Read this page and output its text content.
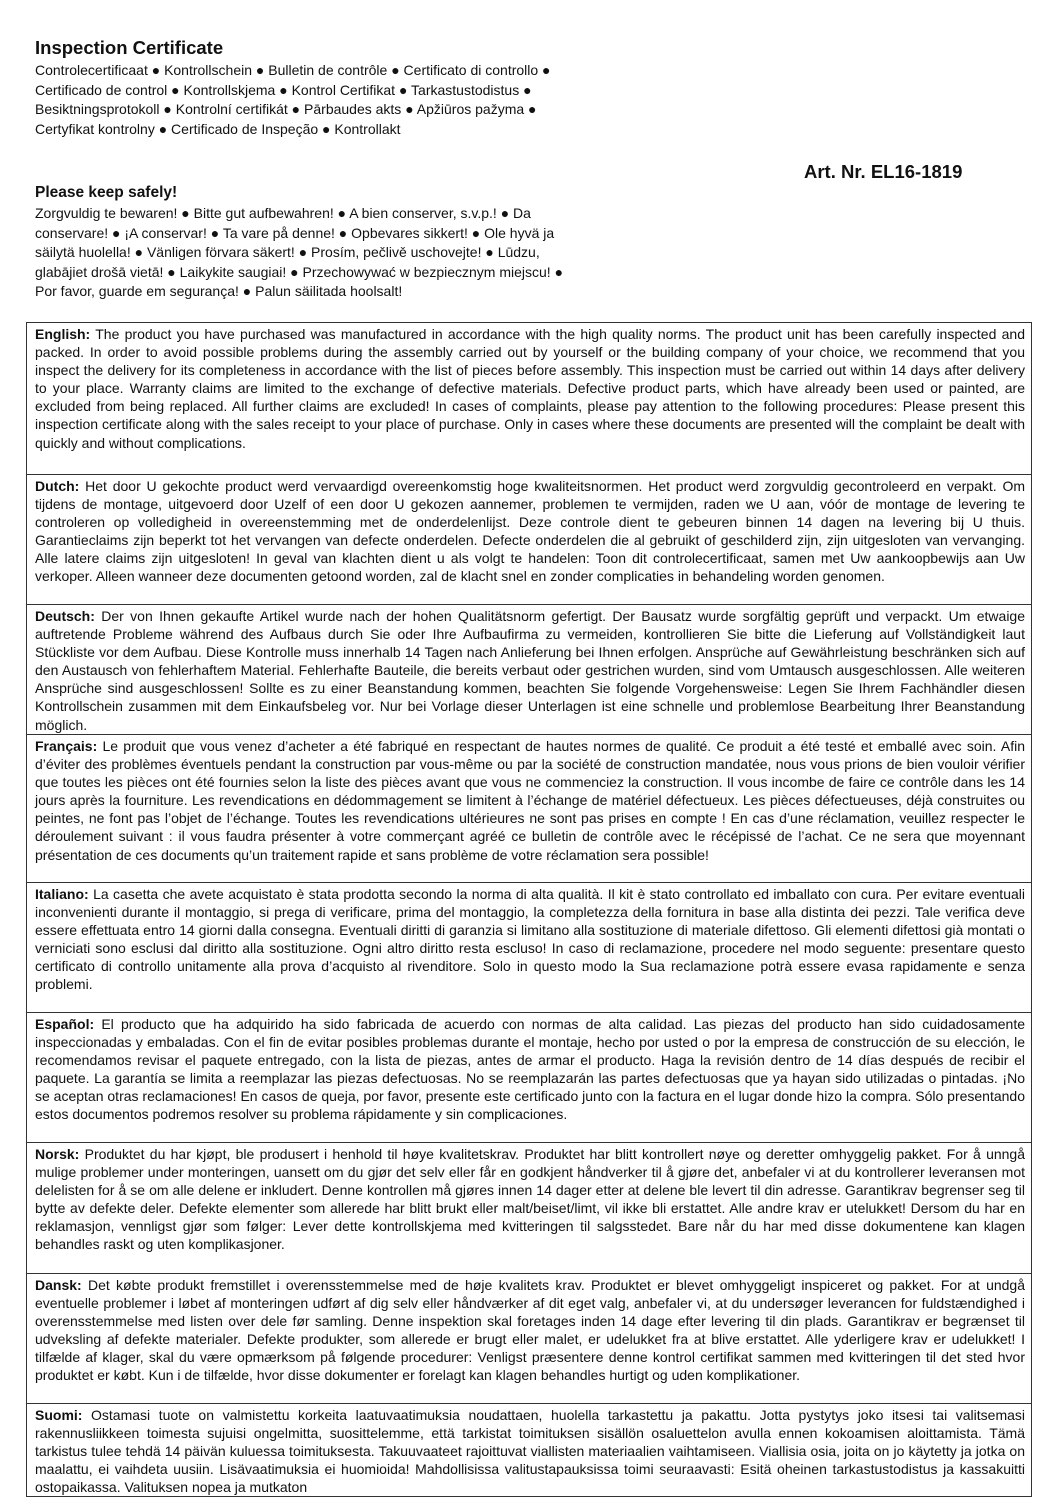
Inspection Certificate
Controlecertificaat ● Kontrollschein ● Bulletin de contrôle ● Certificato di controllo ● Certificado de control ● Kontrollskjema ● Kontrol Certifikat ● Tarkastustodistus ● Besiktningsprotokoll ● Kontrolní certifikát ● Pārbaudes akts ● Apžiūros pažyma ● Certyfikat kontrolny ● Certificado de Inspeção ● Kontrollakt
Art. Nr. EL16-1819
Please keep safely!
Zorgvuldig te bewaren! ● Bitte gut aufbewahren! ● A bien conserver, s.v.p.! ● Da conservare! ● ¡A conservar! ● Ta vare på denne! ● Opbevares sikkert! ● Ole hyvä ja säilytä huolella! ● Vänligen förvara säkert! ● Prosím, pečlivě uschovejte! ● Lūdzu, glabājiet drošā vietā! ● Laikykite saugiai! ● Przechowywać w bezpiecznym miejscu! ● Por favor, guarde em segurança! ● Palun säilitada hoolsalt!
English: The product you have purchased was manufactured in accordance with the high quality norms. The product unit has been carefully inspected and packed. In order to avoid possible problems during the assembly carried out by yourself or the building company of your choice, we recommend that you inspect the delivery for its completeness in accordance with the list of pieces before assembly. This inspection must be carried out within 14 days after delivery to your place. Warranty claims are limited to the exchange of defective materials. Defective product parts, which have already been used or painted, are excluded from being replaced. All further claims are excluded! In cases of complaints, please pay attention to the following procedures: Please present this inspection certificate along with the sales receipt to your place of purchase. Only in cases where these documents are presented will the complaint be dealt with quickly and without complications.
Dutch: Het door U gekochte product werd vervaardigd overeenkomstig hoge kwaliteitsnormen. Het product werd zorgvuldig gecontroleerd en verpakt. Om tijdens de montage, uitgevoerd door Uzelf of een door U gekozen aannemer, problemen te vermijden, raden we U aan, vóór de montage de levering te controleren op volledigheid in overeenstemming met de onderdelenlijst. Deze controle dient te gebeuren binnen 14 dagen na levering bij U thuis. Garantieclaims zijn beperkt tot het vervangen van defecte onderdelen. Defecte onderdelen die al gebruikt of geschilderd zijn, zijn uitgesloten van vervanging. Alle latere claims zijn uitgesloten! In geval van klachten dient u als volgt te handelen: Toon dit controlecertificaat, samen met Uw aankoopbewijs aan Uw verkoper. Alleen wanneer deze documenten getoond worden, zal de klacht snel en zonder complicaties in behandeling worden genomen.
Deutsch: Der von Ihnen gekaufte Artikel wurde nach der hohen Qualitätsnorm gefertigt. Der Bausatz wurde sorgfältig geprüft und verpackt. Um etwaige auftretende Probleme während des Aufbaus durch Sie oder Ihre Aufbaufirma zu vermeiden, kontrollieren Sie bitte die Lieferung auf Vollständigkeit laut Stückliste vor dem Aufbau. Diese Kontrolle muss innerhalb 14 Tagen nach Anlieferung bei Ihnen erfolgen. Ansprüche auf Gewährleistung beschränken sich auf den Austausch von fehlerhaftem Material. Fehlerhafte Bauteile, die bereits verbaut oder gestrichen wurden, sind vom Umtausch ausgeschlossen. Alle weiteren Ansprüche sind ausgeschlossen! Sollte es zu einer Beanstandung kommen, beachten Sie folgende Vorgehensweise: Legen Sie Ihrem Fachhändler diesen Kontrollschein zusammen mit dem Einkaufsbeleg vor. Nur bei Vorlage dieser Unterlagen ist eine schnelle und problemlose Bearbeitung Ihrer Beanstandung möglich.
Français: Le produit que vous venez d’acheter a été fabriqué en respectant de hautes normes de qualité. Ce produit a été testé et emballé avec soin. Afin d’éviter des problèmes éventuels pendant la construction par vous-même ou par la société de construction mandatée, nous vous prions de bien vouloir vérifier que toutes les pièces ont été fournies selon la liste des pièces avant que vous ne commenciez la construction. Il vous incombe de faire ce contrôle dans les 14 jours après la fourniture. Les revendications en dédommagement se limitent à l’échange de matériel défectueux. Les pièces défectueuses, déjà construites ou peintes, ne font pas l’objet de l’échange. Toutes les revendications ultérieures ne sont pas prises en compte ! En cas d’une réclamation, veuillez respecter le déroulement suivant : il vous faudra présenter à votre commerçant agréé ce bulletin de contrôle avec le récépissé de l’achat. Ce ne sera que moyennant présentation de ces documents qu’un traitement rapide et sans problème de votre réclamation sera possible!
Italiano: La casetta che avete acquistato è stata prodotta secondo la norma di alta qualità. Il kit è stato controllato ed imballato con cura. Per evitare eventuali inconvenienti durante il montaggio, si prega di verificare, prima del montaggio, la completezza della fornitura in base alla distinta dei pezzi. Tale verifica deve essere effettuata entro 14 giorni dalla consegna. Eventuali diritti di garanzia si limitano alla sostituzione di materiale difettoso. Gli elementi difettosi già montati o verniciati sono esclusi dal diritto alla sostituzione. Ogni altro diritto resta escluso! In caso di reclamazione, procedere nel modo seguente: presentare questo certificato di controllo unitamente alla prova d’acquisto al rivenditore. Solo in questo modo la Sua reclamazione potrà essere evasa rapidamente e senza problemi.
Español: El producto que ha adquirido ha sido fabricada de acuerdo con normas de alta calidad. Las piezas del producto han sido cuidadosamente inspeccionadas y embaladas. Con el fin de evitar posibles problemas durante el montaje, hecho por usted o por la empresa de construcción de su elección, le recomendamos revisar el paquete entregado, con la lista de piezas, antes de armar el producto. Haga la revisión dentro de 14 días después de recibir el paquete. La garantía se limita a reemplazar las piezas defectuosas. No se reemplazarán las partes defectuosas que ya hayan sido utilizadas o pintadas. ¡No se aceptan otras reclamaciones! En casos de queja, por favor, presente este certificado junto con la factura en el lugar donde hizo la compra. Sólo presentando estos documentos podremos resolver su problema rápidamente y sin complicaciones.
Norsk: Produktet du har kjøpt, ble produsert i henhold til høye kvalitetskrav. Produktet har blitt kontrollert nøye og deretter omhyggelig pakket. For å unngå mulige problemer under monteringen, uansett om du gjør det selv eller får en godkjent håndverker til å gjøre det, anbefaler vi at du kontrollerer leveransen mot delelisten for å se om alle delene er inkludert. Denne kontrollen må gjøres innen 14 dager etter at delene ble levert til din adresse. Garantikrav begrenser seg til bytte av defekte deler. Defekte elementer som allerede har blitt brukt eller malt/beiset/limt, vil ikke bli erstattet. Alle andre krav er utelukket! Dersom du har en reklamasjon, vennligst gjør som følger: Lever dette kontrollskjema med kvitteringen til salgsstedet. Bare når du har med disse dokumentene kan klagen behandles raskt og uten komplikasjoner.
Dansk: Det købte produkt fremstillet i overensstemmelse med de høje kvalitets krav. Produktet er blevet omhyggeligt inspiceret og pakket. For at undgå eventuelle problemer i løbet af monteringen udført af dig selv eller håndværker af dit eget valg, anbefaler vi, at du undersøger leverancen for fuldstændighed i overensstemmelse med listen over dele før samling. Denne inspektion skal foretages inden 14 dage efter levering til din plads. Garantikrav er begrænset til udveksling af defekte materialer. Defekte produkter, som allerede er brugt eller malet, er udelukket fra at blive erstattet. Alle yderligere krav er udelukket! I tilfælde af klager, skal du være opmærksom på følgende procedurer: Venligst præsentere denne kontrol certifikat sammen med kvitteringen til det sted hvor produktet er købt. Kun i de tilfælde, hvor disse dokumenter er forelagt kan klagen behandles hurtigt og uden komplikationer.
Suomi: Ostamasi tuote on valmistettu korkeita laatuvaatimuksia noudattaen, huolella tarkastettu ja pakattu. Jotta pystytys joko itsesi tai valitsemasi rakennusliikkeen toimesta sujuisi ongelmitta, suosittelemme, että tarkistat toimituksen sisällön osaluettelon avulla ennen kokoamisen aloittamista. Tämä tarkistus tulee tehdä 14 päivän kuluessa toimituksesta. Takuuvaateet rajoittuvat viallisten materiaalien vaihtamiseen. Viallisia osia, joita on jo käytetty ja jotka on maalattu, ei vaihdeta uusiin. Lisävaatimuksia ei huomioida! Mahdollisissa valitustapauksissa toimi seuraavasti: Esitä oheinen tarkastustodistus ja kassakuitti ostopaikassa. Valituksen nopea ja mutkaton
